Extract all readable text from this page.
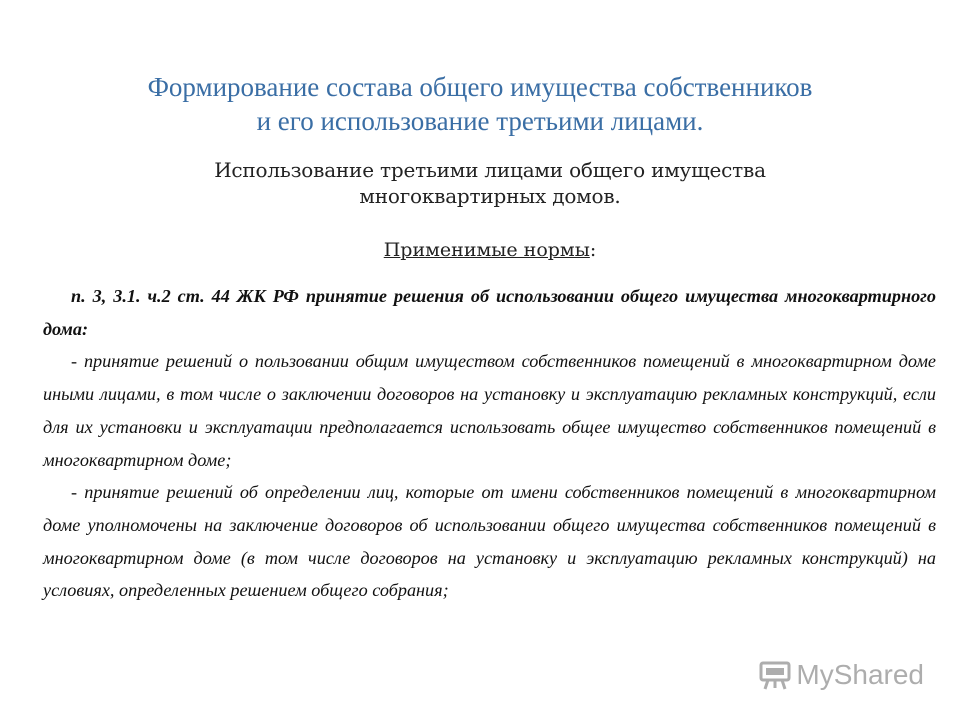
Формирование состава общего имущества собственников
и его использование третьими лицами.
Использование третьими лицами общего имущества
многоквартирных домов.
Применимые нормы:

п. 3, 3.1. ч.2 ст. 44 ЖК РФ принятие решения об использовании общего имущества многоквартирного дома:

- принятие решений о пользовании общим имуществом собственников помещений в многоквартирном доме иными лицами, в том числе о заключении договоров на установку и эксплуатацию рекламных конструкций, если для их установки и эксплуатации предполагается использовать общее имущество собственников помещений в многоквартирном доме;

- принятие решений об определении лиц, которые от имени собственников помещений в многоквартирном доме уполномочены на заключение договоров об использовании общего имущества собственников помещений в многоквартирном доме (в том числе договоров на установку и эксплуатацию рекламных конструкций) на условиях, определенных решением общего собрания;

MyShared
